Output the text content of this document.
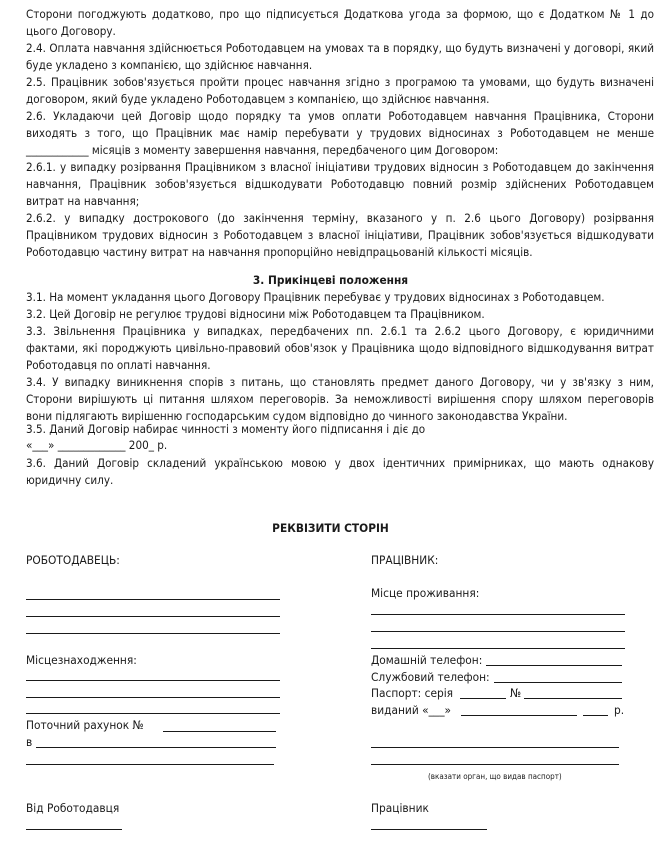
Сторони погоджують додатково, про що підписується Додаткова угода за формою, що є Додатком № 1 до цього Договору.

2.4. Оплата навчання здійснюється Роботодавцем на умовах та в порядку, що будуть визначені у договорі, який буде укладено з компанією, що здійснює навчання.

2.5. Працівник зобов'язується пройти процес навчання згідно з програмою та умовами, що будуть визначені договором, який буде укладено Роботодавцем з компанією, що здійснює навчання.

2.6. Укладаючи цей Договір щодо порядку та умов оплати Роботодавцем навчання Працівника, Сторони виходять з того, що Працівник має намір перебувати у трудових відносинах з Роботодавцем не менше ____________ місяців з моменту завершення навчання, передбаченого цим Договором:

2.6.1. у випадку розірвання Працівником з власної ініціативи трудових відносин з Роботодавцем до закінчення навчання, Працівник зобов'язується відшкодувати Роботодавцю повний розмір здійснених Роботодавцем витрат на навчання;

2.6.2. у випадку дострокового (до закінчення терміну, вказаного у п. 2.6 цього Договору) розірвання Працівником трудових відносин з Роботодавцем з власної ініціативи, Працівник зобов'язується відшкодувати Роботодавцю частину витрат на навчання пропорційно невідпрацьованій кількості місяців.

3. Прикінцеві положення

3.1. На момент укладання цього Договору Працівник перебуває у трудових відносинах з Роботодавцем.

3.2. Цей Договір не регулює трудові відносини між Роботодавцем та Працівником.

3.3. Звільнення Працівника у випадках, передбачених пп. 2.6.1 та 2.6.2 цього Договору, є юридичними фактами, які породжують цивільно-правовий обов'язок у Працівника щодо відповідного відшкодування витрат Роботодавця по оплаті навчання.

3.4. У випадку виникнення спорів з питань, що становлять предмет даного Договору, чи у зв'язку з ним, Сторони вирішують ці питання шляхом переговорів. За неможливості вирішення спору шляхом переговорів вони підлягають вирішенню господарським судом відповідно до чинного законодавства України.

3.5. Даний Договір набирає чинності з моменту його підписання і діє до

«___» _____________ 200_ р.

3.6. Даний Договір складений українською мовою у двох ідентичних примірниках, що мають однакову юридичну силу.

РЕКВІЗИТИ СТОРІН
РОБОТОДАВЕЦЬ:
Місцезнаходження:
Поточний рахунок №
в
Від Роботодавця
ПРАЦІВНИК:
Місце проживання:
Домашній телефон:
Службовий телефон:
Паспорт: серія	№
виданий «___»	р.
(вказати орган, що видав паспорт)
Працівник
